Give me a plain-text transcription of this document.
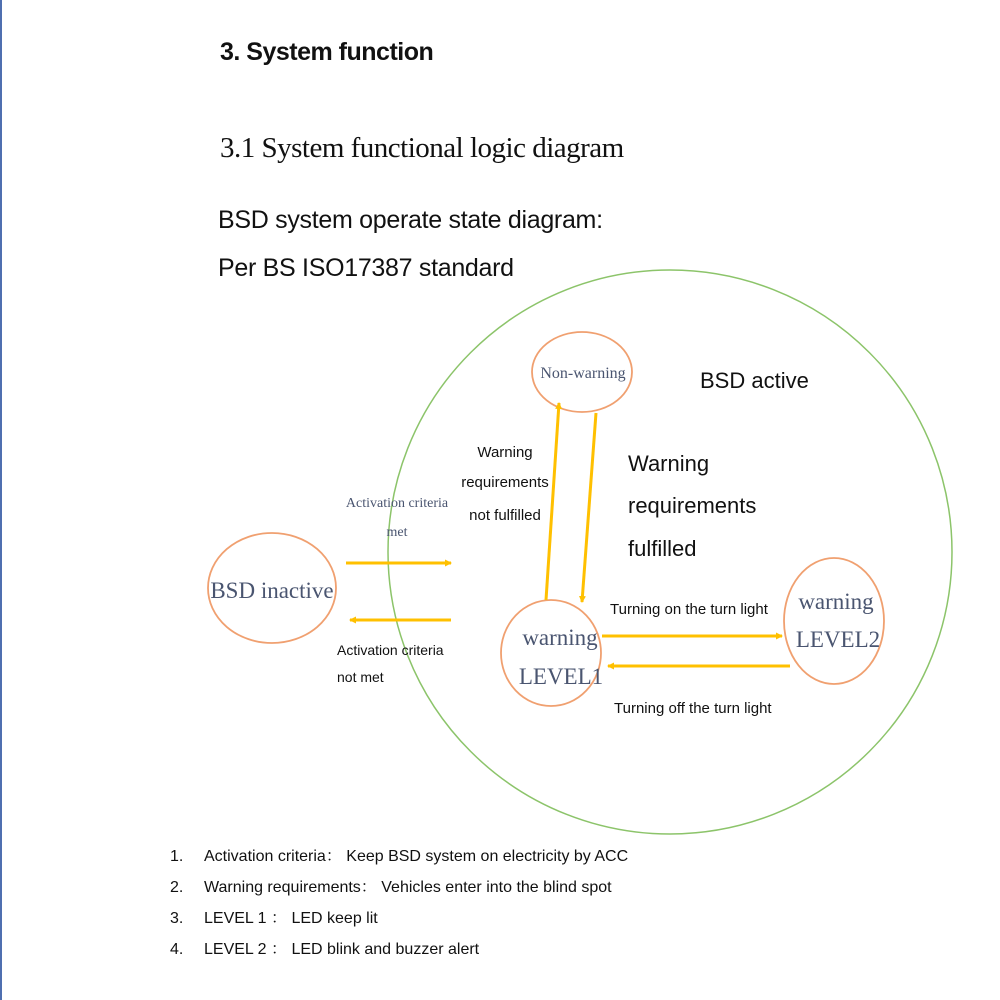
3. System function
3.1 System functional logic diagram
BSD system operate state diagram:
Per BS ISO17387 standard
BSD active
BSD inactive
Non-warning
warning
LEVEL1
warning
LEVEL2
Activation criteria
met
Activation criteria
not met
Warning
requirements
not fulfilled
Warning
requirements
fulfilled
Turning on the turn light
Turning off the turn light
1. Activation criteria： Keep BSD system on electricity by ACC
2. Warning requirements： Vehicles enter into the blind spot
3. LEVEL 1 ： LED keep lit
4. LEVEL 2 ： LED blink and buzzer alert
